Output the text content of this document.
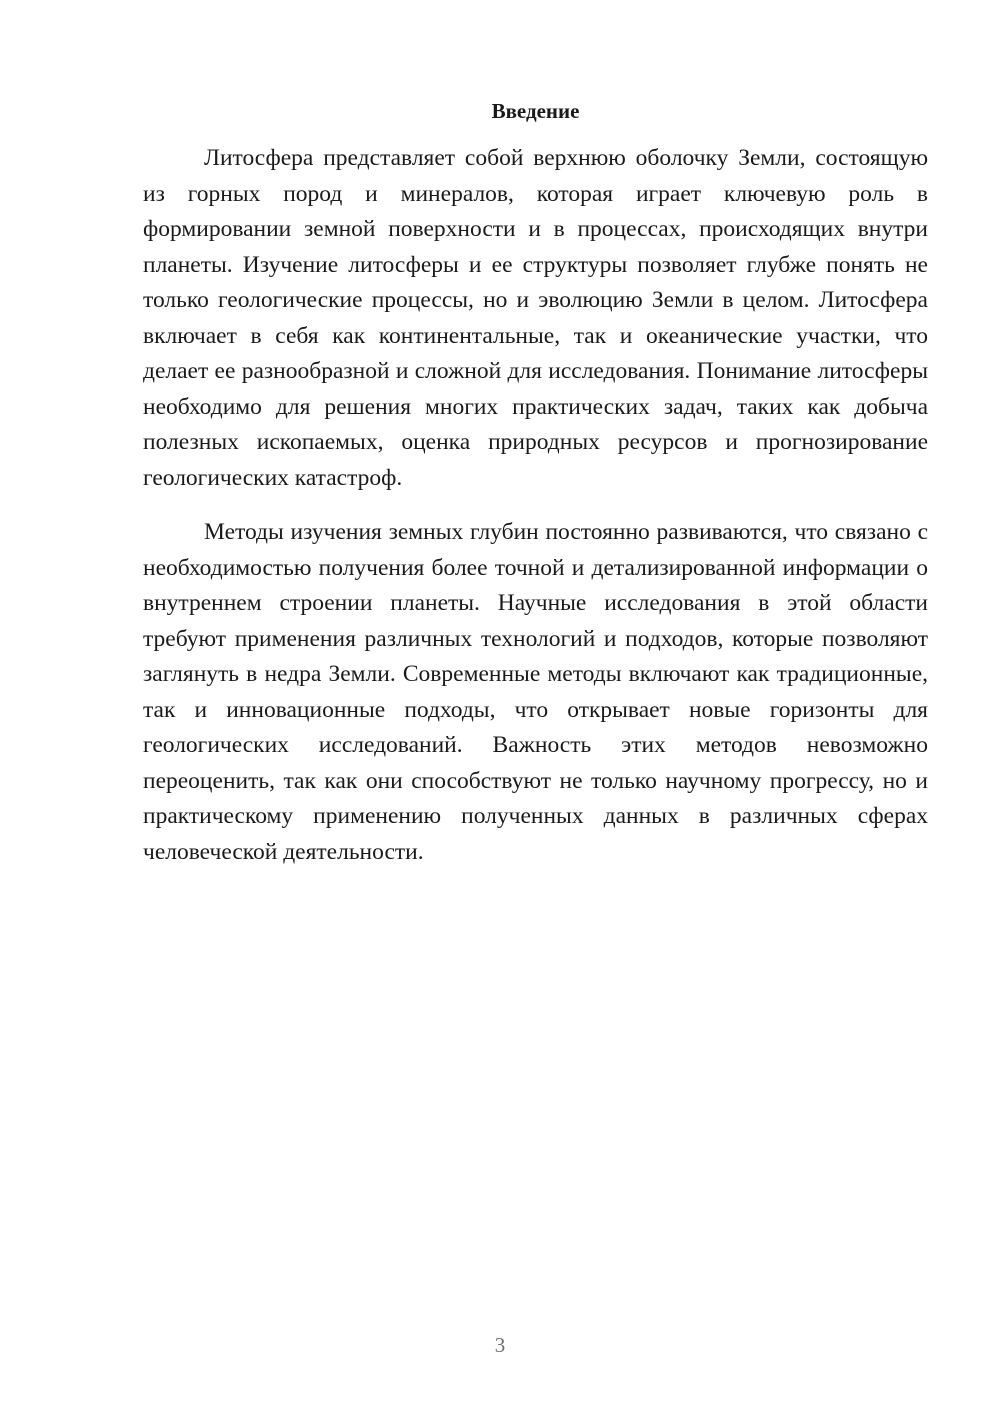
Введение

Литосфера представляет собой верхнюю оболочку Земли, состоящую из горных пород и минералов, которая играет ключевую роль в формировании земной поверхности и в процессах, происходящих внутри планеты. Изучение литосферы и ее структуры позволяет глубже понять не только геологические процессы, но и эволюцию Земли в целом. Литосфера включает в себя как континентальные, так и океанические участки, что делает ее разнообразной и сложной для исследования. Понимание литосферы необходимо для решения многих практических задач, таких как добыча полезных ископаемых, оценка природных ресурсов и прогнозирование геологических катастроф.

Методы изучения земных глубин постоянно развиваются, что связано с необходимостью получения более точной и детализированной информации о внутреннем строении планеты. Научные исследования в этой области требуют применения различных технологий и подходов, которые позволяют заглянуть в недра Земли. Современные методы включают как традиционные, так и инновационные подходы, что открывает новые горизонты для геологических исследований. Важность этих методов невозможно переоценить, так как они способствуют не только научному прогрессу, но и практическому применению полученных данных в различных сферах человеческой деятельности.

3
